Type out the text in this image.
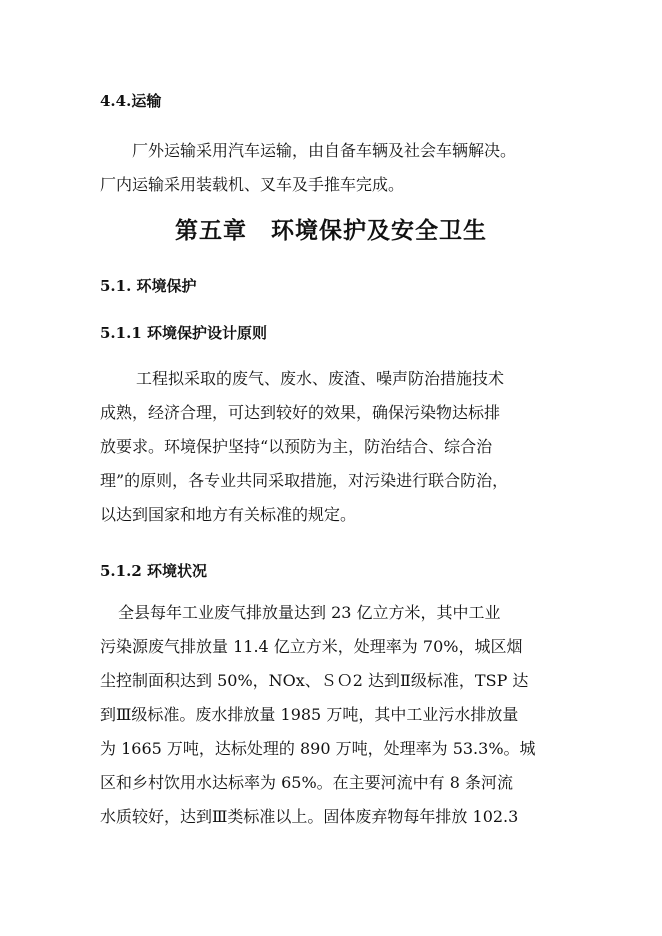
4.4.运输
厂外运输采用汽车运输，由自备车辆及社会车辆解决。
厂内运输采用装载机、叉车及手推车完成。
第五章　环境保护及安全卫生
5.1. 环境保护
5.1.1 环境保护设计原则
工程拟采取的废气、废水、废渣、噪声防治措施技术
成熟，经济合理，可达到较好的效果，确保污染物达标排
放要求。环境保护坚持“以预防为主，防治结合、综合治
理”的原则，各专业共同采取措施，对污染进行联合防治，
以达到国家和地方有关标准的规定。
5.1.2 环境状况
全县每年工业废气排放量达到 23 亿立方米，其中工业
污染源废气排放量 11.4 亿立方米，处理率为 70%，城区烟
尘控制面积达到 50%，NOx、ＳＯ2 达到Ⅱ级标准，TSP 达
到Ⅲ级标准。废水排放量 1985 万吨，其中工业污水排放量
为 1665 万吨，达标处理的 890 万吨，处理率为 53.3%。城
区和乡村饮用水达标率为 65%。在主要河流中有 8 条河流
水质较好，达到Ⅲ类标准以上。固体废弃物每年排放 102.3
